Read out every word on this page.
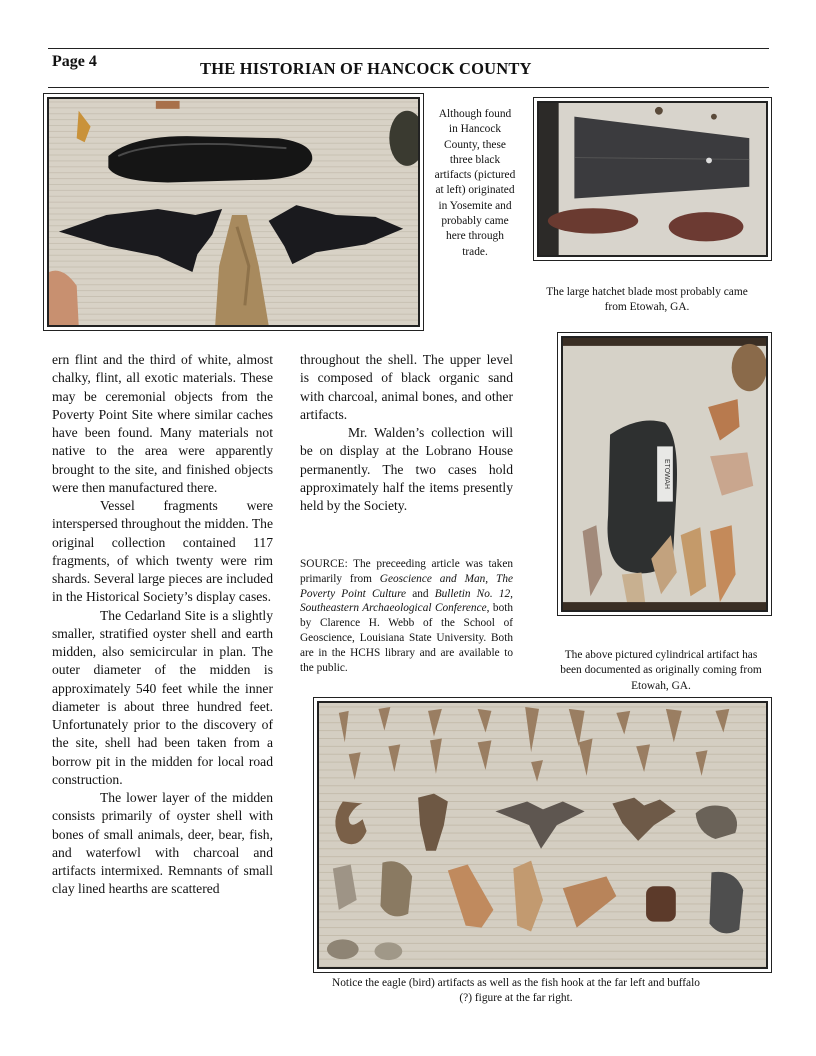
Page 4	THE HISTORIAN OF HANCOCK COUNTY
Although found in Hancock County, these three black artifacts (pictured at left) originated in Yosemite and probably came here through trade.
The large hatchet blade most probably came from Etowah, GA.
ETOWAH
The above pictured cylindrical artifact has been documented as originally coming from Etowah, GA.

ern flint and the third of white, almost chalky, flint, all exotic materials. These may be ceremonial objects from the Poverty Point Site where similar caches have been found. Many materials not native to the area were apparently brought to the site, and finished objects were then manufactured there.

Vessel fragments were interspersed throughout the midden. The original collection contained 117 fragments, of which twenty were rim shards. Several large pieces are included in the Historical Society’s display cases.

The Cedarland Site is a slightly smaller, stratified oyster shell and earth midden, also semicircular in plan. The outer diameter of the midden is approximately 540 feet while the inner diameter is about three hundred feet. Unfortunately prior to the discovery of the site, shell had been taken from a borrow pit in the midden for local road construction.

The lower layer of the midden consists primarily of oyster shell with bones of small animals, deer, bear, fish, and waterfowl with charcoal and artifacts intermixed. Remnants of small clay lined hearths are scattered

throughout the shell. The upper level is composed of black organic sand with charcoal, animal bones, and other artifacts.

Mr. Walden’s collection will be on display at the Lobrano House permanently. The two cases hold approximately half the items presently held by the Society.

SOURCE: The preceeding article was taken primarily from Geoscience and Man, The Poverty Point Culture and Bulletin No. 12, Southeastern Archaeological Conference, both by Clarence H. Webb of the School of Geoscience, Louisiana State University. Both are in the HCHS library and are available to the public.
Notice the eagle (bird) artifacts as well as the fish hook at the far left and buffalo (?) figure at the far right.
